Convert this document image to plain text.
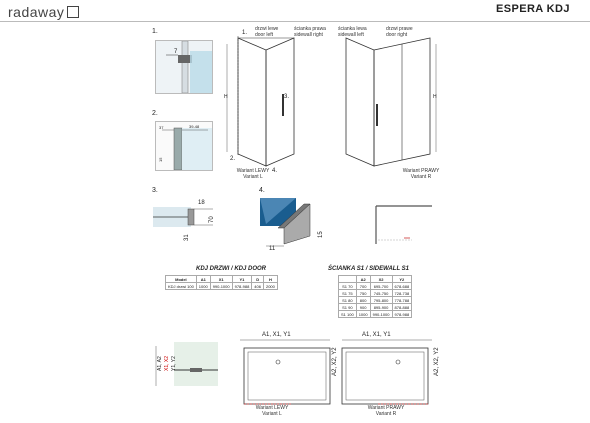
radaway	ESPERA KDJ
1.
7
2.
37	39-48
15
3.
18
70
31
4.
11
15
H
1.
2.
3.
4.
drzwi lewe
door left
ścianka prawa
sidewall right
Wariant LEWY
Variant L
H
ścianka lewa
sidewall left
drzwi prawe
door right
Wariant PRAWY
Variant R
KDJ DRZWI / KDJ DOOR
Model	A1	X1	Y1	D	H
KDJ drzwi 100	1000	990-1000	978-988	406	2000
ŚCIANKA S1 / SIDEWALL S1
	A2	X2	Y2
S1 70	700	695-700	678-688
S1 75	750	745-750	728-738
S1 80	800	795-800	778-788
S1 90	900	895-900	878-888
S1 100	1000	990-1000	978-988
A1, A2 X1, X2 Y1, Y2
A1, X1, Y1
A2, X2, Y2
Wariant LEWY
Variant L
A1, X1, Y1
A2, X2, Y2
Wariant PRAWY
Variant R
